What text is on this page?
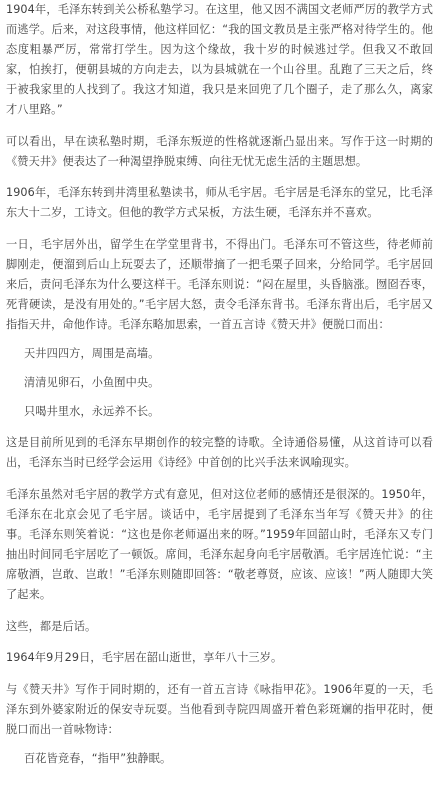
1904年，毛泽东转到关公桥私塾学习。在这里，他又因不满国文老师严厉的教学方式而逃学。后来，对这段事情，他这样回忆：“我的国文教员是主张严格对待学生的。他态度粗暴严厉，常常打学生。因为这个缘故，我十岁的时候逃过学。但我又不敢回家，怕挨打，便朝县城的方向走去，以为县城就在一个山谷里。乱跑了三天之后，终于被我家里的人找到了。我这才知道，我只是来回兜了几个圈子，走了那么久，离家才八里路。”

可以看出，早在读私塾时期，毛泽东叛逆的性格就逐渐凸显出来。写作于这一时期的《赞天井》便表达了一种渴望挣脱束缚、向往无忧无虑生活的主题思想。

1906年，毛泽东转到井湾里私塾读书，师从毛宇居。毛宇居是毛泽东的堂兄，比毛泽东大十二岁，工诗文。但他的教学方式呆板，方法生硬，毛泽东并不喜欢。

一日，毛宇居外出，留学生在学堂里背书，不得出门。毛泽东可不管这些，待老师前脚刚走，便溜到后山上玩耍去了，还顺带摘了一把毛栗子回来，分给同学。毛宇居回来后，责问毛泽东为什么要这样干。毛泽东则说：“闷在屋里，头昏脑涨。囫囵吞枣，死背硬读，是没有用处的。”毛宇居大怒，责令毛泽东背书。毛泽东背出后，毛宇居又指指天井，命他作诗。毛泽东略加思索，一首五言诗《赞天井》便脱口而出：

天井四四方，周围是高墙。

清清见卵石，小鱼囿中央。

只喝井里水，永远养不长。

这是目前所见到的毛泽东早期创作的较完整的诗歌。全诗通俗易懂，从这首诗可以看出，毛泽东当时已经学会运用《诗经》中首创的比兴手法来讽喻现实。

毛泽东虽然对毛宇居的教学方式有意见，但对这位老师的感情还是很深的。1950年，毛泽东在北京会见了毛宇居。谈话中，毛宇居提到了毛泽东当年写《赞天井》的往事。毛泽东则笑着说：“这也是你老师逼出来的呀。”1959年回韶山时，毛泽东又专门抽出时间同毛宇居吃了一顿饭。席间，毛泽东起身向毛宇居敬酒。毛宇居连忙说：“主席敬酒，岂敢、岂敢！”毛泽东则随即回答：“敬老尊贤，应该、应该！”两人随即大笑了起来。

这些，都是后话。

1964年9月29日，毛宇居在韶山逝世，享年八十三岁。

与《赞天井》写作于同时期的，还有一首五言诗《咏指甲花》。1906年夏的一天，毛泽东到外婆家附近的保安寺玩耍。当他看到寺院四周盛开着色彩斑斓的指甲花时，便脱口而出一首咏物诗：

百花皆竞春，“指甲”独静眠。
